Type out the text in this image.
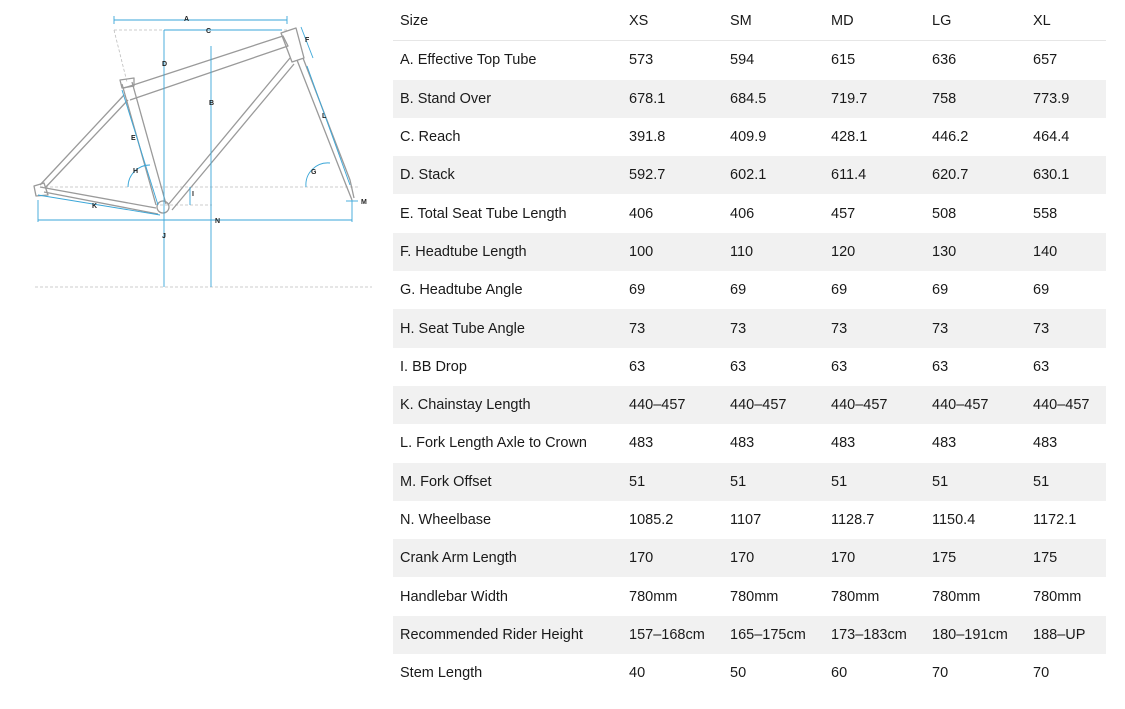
A
C
D
B
E
F
L
H	G
I
K
M
N
J
Size	XS	SM	MD	LG	XL
A. Effective Top Tube	573	594	615	636	657
B. Stand Over	678.1	684.5	719.7	758	773.9
C. Reach	391.8	409.9	428.1	446.2	464.4
D. Stack	592.7	602.1	611.4	620.7	630.1
E. Total Seat Tube Length	406	406	457	508	558
F. Headtube Length	100	110	120	130	140
G. Headtube Angle	69	69	69	69	69
H. Seat Tube Angle	73	73	73	73	73
I. BB Drop	63	63	63	63	63
K. Chainstay Length	440–457	440–457	440–457	440–457	440–457
L. Fork Length Axle to Crown	483	483	483	483	483
M. Fork Offset	51	51	51	51	51
N. Wheelbase	1085.2	1107	1128.7	1150.4	1172.1
Crank Arm Length	170	170	170	175	175
Handlebar Width	780mm	780mm	780mm	780mm	780mm
Recommended Rider Height	157–168cm	165–175cm	173–183cm	180–191cm	188–UP
Stem Length	40	50	60	70	70
